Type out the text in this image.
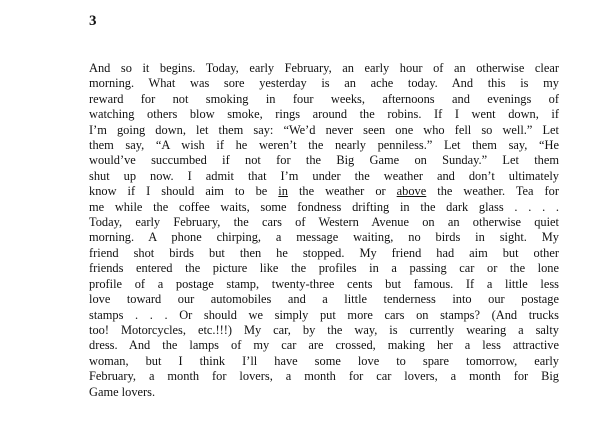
3
And so it begins. Today, early February, an early hour of an otherwise clear
morning. What was sore yesterday is an ache today. And this is my
reward for not smoking in four weeks, afternoons and evenings of
watching others blow smoke, rings around the robins. If I went down, if
I’m going down, let them say: “We’d never seen one who fell so well.” Let
them say, “A wish if he weren’t the nearly penniless.” Let them say, “He
would’ve succumbed if not for the Big Game on Sunday.” Let them
shut up now. I admit that I’m under the weather and don’t ultimately
know if I should aim to be in the weather or above the weather. Tea for
me while the coffee waits, some fondness drifting in the dark glass . . . .
Today, early February, the cars of Western Avenue on an otherwise quiet
morning. A phone chirping, a message waiting, no birds in sight. My
friend shot birds but then he stopped. My friend had aim but other
friends entered the picture like the profiles in a passing car or the lone
profile of a postage stamp, twenty-three cents but famous. If a little less
love toward our automobiles and a little tenderness into our postage
stamps . . . Or should we simply put more cars on stamps? (And trucks
too! Motorcycles, etc.!!!) My car, by the way, is currently wearing a salty
dress. And the lamps of my car are crossed, making her a less attractive
woman, but I think I’ll have some love to spare tomorrow, early
February, a month for lovers, a month for car lovers, a month for Big
Game lovers.
